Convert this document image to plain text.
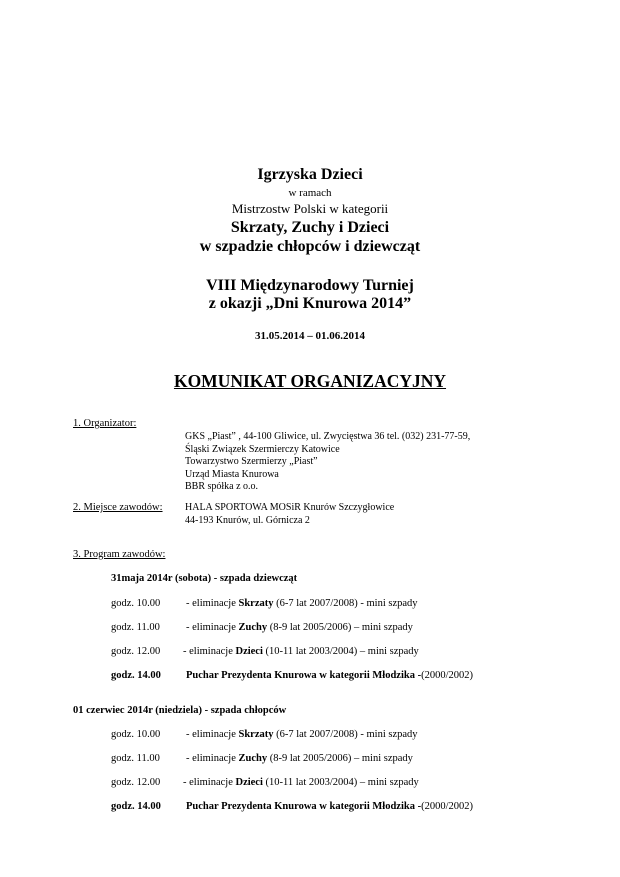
Igrzyska Dzieci
w ramach
Mistrzostw Polski w kategorii
Skrzaty, Zuchy i Dzieci
w szpadzie chłopców i dziewcząt
VIII Międzynarodowy Turniej
z okazji „Dni Knurowa 2014”
31.05.2014 – 01.06.2014
KOMUNIKAT ORGANIZACYJNY
1. Organizator:
GKS „Piast” , 44-100 Gliwice, ul. Zwycięstwa 36 tel. (032) 231-77-59,
Śląski Związek Szermierczy Katowice
Towarzystwo Szermierzy „Piast”
Urząd Miasta Knurowa
BBR spółka z o.o.
2. Miejsce zawodów: HALA SPORTOWA MOSiR Knurów Szczygłowice
44-193 Knurów, ul. Górnicza 2
3. Program zawodów:
31maja 2014r (sobota) - szpada dziewcząt
godz. 10.00 - eliminacje Skrzaty (6-7 lat 2007/2008) - mini szpady
godz. 11.00 - eliminacje Zuchy (8-9 lat 2005/2006) – mini szpady
godz. 12.00 - eliminacje Dzieci (10-11 lat 2003/2004) – mini szpady
godz. 14.00 Puchar Prezydenta Knurowa w kategorii Młodzika -(2000/2002)
01 czerwiec 2014r (niedziela) - szpada chłopców
godz. 10.00 - eliminacje Skrzaty (6-7 lat 2007/2008) - mini szpady
godz. 11.00 - eliminacje Zuchy (8-9 lat 2005/2006) – mini szpady
godz. 12.00 - eliminacje Dzieci (10-11 lat 2003/2004) – mini szpady
godz. 14.00 Puchar Prezydenta Knurowa w kategorii Młodzika -(2000/2002)
